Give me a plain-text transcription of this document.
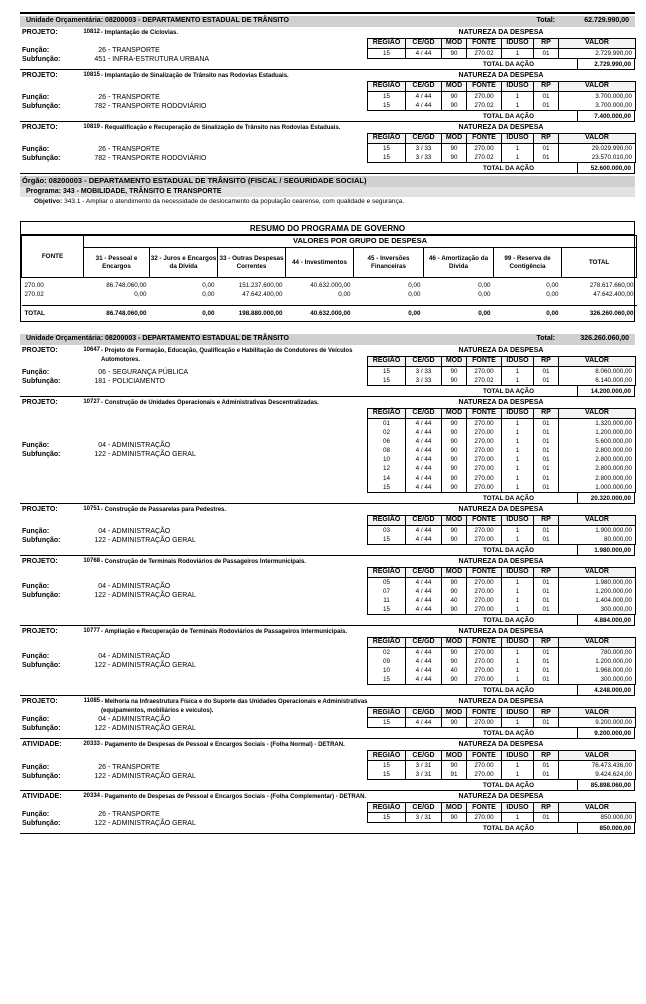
Unidade Orçamentária: 08200003 - DEPARTAMENTO ESTADUAL DE TRÂNSITO	Total:	62.729.990,00
PROJETO:	10812 - Implantação de Ciclovias.
Função:	26 - TRANSPORTE
Subfunção:	451 - INFRA-ESTRUTURA URBANA
NATUREZA DA DESPESA
REGIÃO	CE/GD	MOD	FONTE	IDUSO	RP	VALOR
15	4 / 44	90	270.02	1	01	2.729.990,00
TOTAL DA AÇÃO	2.729.990,00
PROJETO:	10815 - Implantação de Sinalização de Trânsito nas Rodovias Estaduais.
Função:	26 - TRANSPORTE
Subfunção:	782 - TRANSPORTE RODOVIÁRIO
NATUREZA DA DESPESA
REGIÃO	CE/GD	MOD	FONTE	IDUSO	RP	VALOR
15	4 / 44	90	270.00	1	01	3.700.000,00
15	4 / 44	90	270.02	1	01	3.700.000,00
TOTAL DA AÇÃO	7.400.000,00
PROJETO:	10819 - Requalificação e Recuperação de Sinalização de Trânsito nas Rodovias Estaduais.
Função:	26 - TRANSPORTE
Subfunção:	782 - TRANSPORTE RODOVIÁRIO
NATUREZA DA DESPESA
REGIÃO	CE/GD	MOD	FONTE	IDUSO	RP	VALOR
15	3 / 33	90	270.00	1	01	29.029.990,00
15	3 / 33	90	270.02	1	01	23.570.010,00
TOTAL DA AÇÃO	52.600.000,00
Órgão: 08200003 - DEPARTAMENTO ESTADUAL DE TRÂNSITO (FISCAL / SEGURIDADE SOCIAL)
Programa: 343 - MOBILIDADE, TRÂNSITO E TRANSPORTE
Objetivo: 343.1 - Ampliar o atendimento da necessidade de deslocamento da população cearense, com qualidade e segurança.
RESUMO DO PROGRAMA DE GOVERNO
FONTE	VALORES POR GRUPO DE DESPESA							
	31 - Pessoal e Encargos	32 - Juros e Encargos da Dívida	33 - Outras Despesas Correntes	44 - Investimentos	45 - Inversões Financeiras	46 - Amortização da Dívida	99 - Reserva de Contigência	TOTAL

270.00	86.748.060,00	0,00	151.237.600,00	40.632.000,00	0,00	0,00	0,00	278.617.660,00
270.02	0,00	0,00	47.642.400,00	0,00	0,00	0,00	0,00	47.642.400,00

TOTAL	86.748.060,00	0,00	198.880.000,00	40.632.000,00	0,00	0,00	0,00	326.260.060,00
Unidade Orçamentária: 08200003 - DEPARTAMENTO ESTADUAL DE TRÂNSITO	Total:	326.260.060,00
PROJETO:	10647 - Projeto de Formação, Educação, Qualificação e Habilitação de Condutores de Veículos Automotores.
Função:	06 - SEGURANÇA PÚBLICA
Subfunção:	181 - POLICIAMENTO
NATUREZA DA DESPESA
REGIÃO	CE/GD	MOD	FONTE	IDUSO	RP	VALOR
15	3 / 33	90	270.00	1	01	8.060.000,00
15	3 / 33	90	270.02	1	01	6.140.000,00
TOTAL DA AÇÃO	14.200.000,00
PROJETO:	10727 - Construção de Unidades Operacionais e Administrativas Descentralizadas.
Função:	04 - ADMINISTRAÇÃO
Subfunção:	122 - ADMINISTRAÇÃO GERAL
NATUREZA DA DESPESA
REGIÃO	CE/GD	MOD	FONTE	IDUSO	RP	VALOR
01	4 / 44	90	270.00	1	01	1.320.000,00
02	4 / 44	90	270.00	1	01	1.200.000,00
06	4 / 44	90	270.00	1	01	5.600.000,00
08	4 / 44	90	270.00	1	01	2.800.000,00
10	4 / 44	90	270.00	1	01	2.800.000,00
12	4 / 44	90	270.00	1	01	2.800.000,00
14	4 / 44	90	270.00	1	01	2.800.000,00
15	4 / 44	90	270.00	1	01	1.000.000,00
TOTAL DA AÇÃO	20.320.000,00
PROJETO:	10751 - Construção de Passarelas para Pedestres.
Função:	04 - ADMINISTRAÇÃO
Subfunção:	122 - ADMINISTRAÇÃO GERAL
NATUREZA DA DESPESA
REGIÃO	CE/GD	MOD	FONTE	IDUSO	RP	VALOR
03	4 / 44	90	270.00	1	01	1.900.000,00
15	4 / 44	90	270.00	1	01	80.000,00
TOTAL DA AÇÃO	1.980.000,00
PROJETO:	10768 - Construção de Terminais Rodoviários de Passageiros Intermunicipais.
Função:	04 - ADMINISTRAÇÃO
Subfunção:	122 - ADMINISTRAÇÃO GERAL
NATUREZA DA DESPESA
REGIÃO	CE/GD	MOD	FONTE	IDUSO	RP	VALOR
05	4 / 44	90	270.00	1	01	1.980.000,00
07	4 / 44	90	270.00	1	01	1.200.000,00
11	4 / 44	40	270.00	1	01	1.404.000,00
15	4 / 44	90	270.00	1	01	300.000,00
TOTAL DA AÇÃO	4.884.000,00
PROJETO:	10777 - Ampliação e Recuperação de Terminais Rodoviários de Passageiros Intermunicipais.
Função:	04 - ADMINISTRAÇÃO
Subfunção:	122 - ADMINISTRAÇÃO GERAL
NATUREZA DA DESPESA
REGIÃO	CE/GD	MOD	FONTE	IDUSO	RP	VALOR
02	4 / 44	90	270.00	1	01	780.000,00
09	4 / 44	90	270.00	1	01	1.200.000,00
10	4 / 44	40	270.00	1	01	1.968.000,00
15	4 / 44	90	270.00	1	01	300.000,00
TOTAL DA AÇÃO	4.248.000,00
PROJETO:	11085 - Melhoria na Infraestrutura Física e do Suporte das Unidades Operacionais e Administrativas (equipamentos, mobiliários e veículos).
Função:	04 - ADMINISTRAÇÃO
Subfunção:	122 - ADMINISTRAÇÃO GERAL
NATUREZA DA DESPESA
REGIÃO	CE/GD	MOD	FONTE	IDUSO	RP	VALOR
15	4 / 44	90	270.00	1	01	9.200.000,00
TOTAL DA AÇÃO	9.200.000,00
ATIVIDADE:	20333 - Pagamento de Despesas de Pessoal e Encargos Sociais - (Folha Normal) - DETRAN.
Função:	26 - TRANSPORTE
Subfunção:	122 - ADMINISTRAÇÃO GERAL
NATUREZA DA DESPESA
REGIÃO	CE/GD	MOD	FONTE	IDUSO	RP	VALOR
15	3 / 31	90	270.00	1	01	76.473.436,00
15	3 / 31	91	270.00	1	01	9.424.624,00
TOTAL DA AÇÃO	85.898.060,00
ATIVIDADE:	20334 - Pagamento de Despesas de Pessoal e Encargos Sociais - (Folha Complementar) - DETRAN.
Função:	26 - TRANSPORTE
Subfunção:	122 - ADMINISTRAÇÃO GERAL
NATUREZA DA DESPESA
REGIÃO	CE/GD	MOD	FONTE	IDUSO	RP	VALOR
15	3 / 31	90	270.00	1	01	850.000,00
TOTAL DA AÇÃO	850.000,00
